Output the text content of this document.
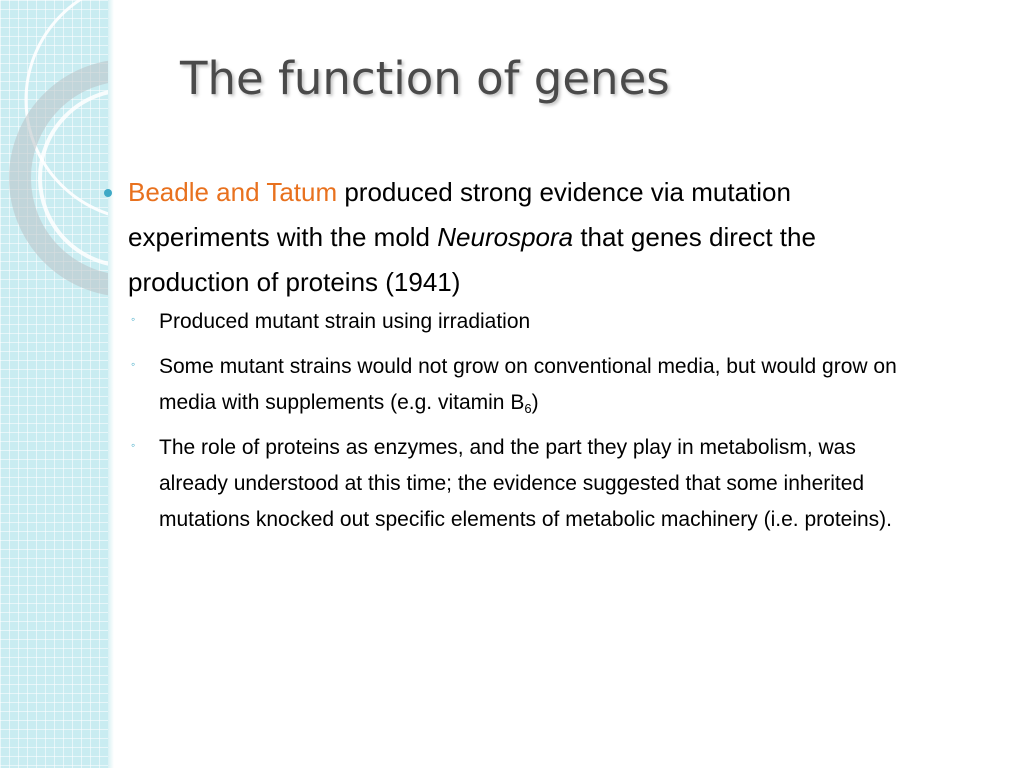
The function of genes

Beadle and Tatum produced strong evidence via mutation experiments with the mold Neurospora that genes direct the production of proteins (1941)

◦ Produced mutant strain using irradiation
◦ Some mutant strains would not grow on conventional media, but would grow on media with supplements (e.g. vitamin $B_6$)
◦ The role of proteins as enzymes, and the part they play in metabolism, was already understood at this time; the evidence suggested that some inherited mutations knocked out specific elements of metabolic machinery (i.e. proteins).
